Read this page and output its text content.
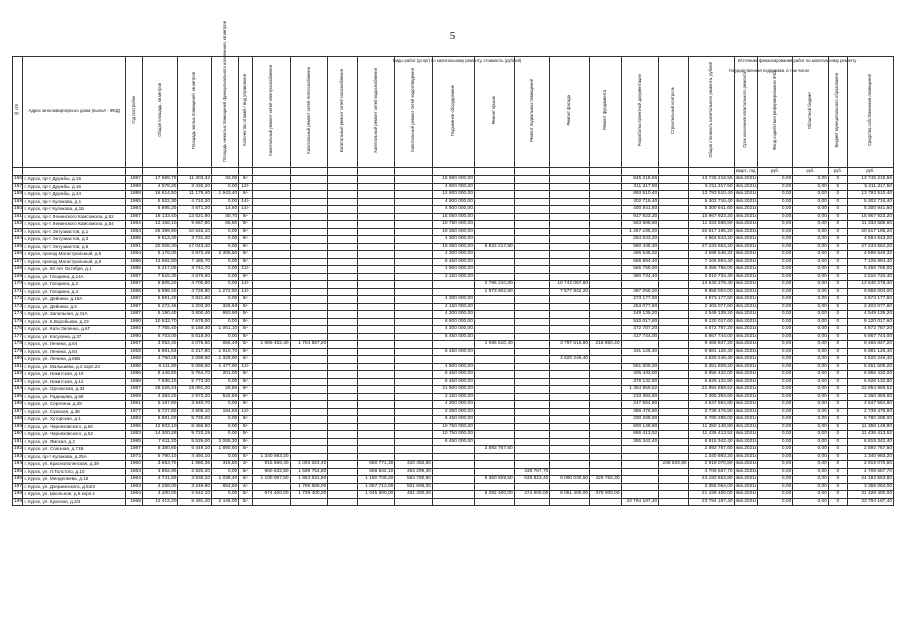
5
№ п/п	Адрес многоквартирного дома (выпол - ФКД)	Год постройки	Общая площадь, кв.метров	Площадь жилых помещений, кв.метров	Площадь нежилых помещений функционального назначения, кв.метров	Количество этажей / вид управления	Капитальный ремонт сетей электроснабжения	Капитальный ремонт сетей теплоснабжения	Капитальный ремонт сетей газоснабжения	Капитальный ремонт сетей водоснабжения	Капитальный ремонт сетей водоотведения	Подъемное оборудование	Ремонт крыши	Ремонт подвальных помещений	Ремонт фасада	Ремонт фундамента	Разработка проектной документации	Строительный контроль	Общая стоимость капитального ремонта, рублей	Срок окончания капитального ремонта	Фонд содействия реформированию ЖКХ	Областной бюджет	Бюджет муниципального образования	Средства собственников помещений
																				кварт., год	руб.	руб.	руб.	руб.
156	г. Курск, пр-т Дружбы, д.15	1987	17 668,78	11 403,32	33,00	9/-						15 960 000,00					845 218,56		13 745 218,56	4кв.2021г.	0,00	0,00	0	13 745 218,56
157	г. Курск, пр-т Дружбы, д.16	1989	4 578,20	3 432,20	0,00	12/-						4 900 000,00					311 317,50		5 211 317,50	4кв.2021г.	0,00	0,00	0	5 211 317,50
158	г. Курск, пр-т Дружбы, д.24	1988	16 614,50	11 179,40	1 943,40	9/-						12 900 000,00					893 510,40		13 793 510,40	4кв.2021г.	0,00	0,00	0	13 793 510,40
159	г. Курск, пр-т Кулакова, д.1	1985	5 922,30	4 710,20	0,00	14/-						4 900 000,00					402 716,40		5 302 716,40	4кв.2021г.	0,00	0,00	0	5 302 716,40
160	г. Курск, пр-т Кулакова, д.1Б	1984	5 895,20	4 671,20	14,60	14/-						4 900 000,00					400 941,60		5 300 941,60	4кв.2021г.	0,00	0,00	0	5 300 941,60
161	г. Курск, пр-т Ленинского Комсомола, д.52	1987	19 133,40	13 621,90	30,70	9/-						15 050 000,00					917 923,20		15 967 923,20	4кв.2021г.	0,00	0,00	0	15 967 923,20
162	г. Курск, пр-т Ленинского Комсомола, д.54	1984	12 158,10	9 667,80	65,80	9/-						10 750 000,00					583 588,80		11 333 588,80	4кв.2021г.	0,00	0,00	0	11 333 588,80
163	г. Курск, пр-т Энтузиастов, д.1	1984	26 399,90	10 546,10	0,00	9/-						19 350 000,00					1 267 195,20		20 617 195,20	4кв.2021г.	0,00	0,00	0	20 617 195,20
164	г. Курск, пр-т Энтузиастов, д.3	1985	5 513,40	3 731,40	0,00	9/-						4 300 000,00					264 643,20		4 564 643,20	4кв.2021г.	0,00	0,00	0	4 564 643,20
165	г. Курск, пр-т Энтузиастов, д.5	1991	20 008,30	17 043,40	0,00	9/-						19 350 000,00	6 922 217,80				960 446,40		27 233 664,20	4кв.2021г.	0,00	0,00	0	27 233 664,20
166	г. Курск, проезд Магистральный, д.5	1984	6 176,00	3 872,49	2 305,50	9/-						4 300 000,00					296 546,32		4 596 546,32	4кв.2021г.	0,00	0,00	0	4 596 546,32
167	г. Курск, проезд Магистральный, д.8	1986	13 692,80	7 485,70	0,00	9/-						6 450 000,00					655 894,40		7 105 894,40	4кв.2021г.	0,00	0,00	0	7 105 894,40
168	г. Курск, ул. 50 лет Октября, д.1	1986	9 217,00	3 741,70	0,00	12/-						4 900 000,00					556 756,00		5 456 756,00	4кв.2021г.	0,00	0,00	0	5 456 756,00
169	г. Курск, ул. Гагарина, д.14А	1987	7 515,30	4 675,60	0,00	9/-						2 150 000,00					360 734,40		2 510 734,40	4кв.2021г.	0,00	0,00	0	2 510 734,40
170	г. Курск, ул. Гагарина, д.2	1987	8 505,20	4 700,80	0,00	14/-							2 796 210,80		10 742 067,60				13 540 278,40	4кв.2021г.	0,00	0,00	0	13 540 278,40
171	г. Курск, ул. Гагарина, д.4	1986	5 999,40	4 726,90	1 272,50	14/-							1 973 902,60		7 577 842,20		487 059,20		9 858 004,00	4кв.2021г.	0,00	0,00	0	9 858 004,00
172	г. Курск, ул. Дейнеки, д.18А	1987	5 691,20	3 821,60	0,00	9/-						4 300 000,00					273 177,60		4 573 177,60	4кв.2021г.	0,00	0,00	0	4 573 177,60
173	г. Курск, ул. Дейнеки, д.6	1987	5 272,45	2 203,30	326,60	9/-						2 150 000,00					253 077,60		2 403 077,60	4кв.2021г.	0,00	0,00	0	2 403 077,60
174	г. Курск, ул. Запольная, д.41А	1987	5 190,40	3 800,40	993,90	9/-						4 300 000,00					249 139,20		4 549 139,20	4кв.2021г.	0,00	0,00	0	4 549 139,20
175	г. Курск, ул. К.Воробьева, д.23	1990	10 533,70	7 678,00	0,00	9/-						8 600 000,00					520 017,60		9 120 017,60	4кв.2021г.	0,00	0,00	0	9 120 017,60
176	г. Курск, ул. Кати Зеленко, д.6Г	1984	7 765,40	5 168,30	1 061,10	9/-						4 300 000,00					372 787,20		4 672 787,20	4кв.2021г.	0,00	0,00	0	4 672 787,20
177	г. Курск, ул. Косухина, д.37	1990	8 703,00	5 618,00	0,00	9/-						6 450 000,00					417 744,00		6 867 744,00	4кв.2021г.	0,00	0,00	0	6 867 744,00
178	г. Курск, ул. Ленина, д.64	1967	3 052,40	2 075,50	656,40	5/-	1 689 452,40	1 704 567,20					1 066 510,40		3 797 516,80	218 850,40			8 465 847,20	4кв.2021г.	0,00	0,00	0	8 465 847,20
179	г. Курск, ул. Ленина, д.84	1958	8 981,63	6 217,80	1 910,70	9/-						6 450 000,00					431 126,40		6 881 126,40	4кв.2021г.	0,00	0,00	0	6 881 126,40
180	г. Курск, ул. Ленина, д.86Б	1968	3 750,25	2 098,50	1 329,90	5/-									4 620 246,40				4 620 246,40	4кв.2021г.	0,00	0,00	0	4 620 246,40
181	г. Курск, ул. Малышева, д.2 корп.23	1986	6 111,90	5 066,50	1 477,90	12/-						4 900 000,00					551 609,20		5 451 609,20	4кв.2021г.	0,00	0,00	0	5 451 609,20
182	г. Курск, ул. Никитская, д.10	1986	8 446,50	5 764,70	201,00	9/-						6 450 000,00					405 432,00		6 855 432,00	4кв.2021г.	0,00	0,00	0	6 855 432,00
183	г. Курск, ул. Никитская, д.12	1988	7 836,10	5 773,30	0,00	9/-						6 450 000,00					376 132,80		6 826 132,80	4кв.2021г.	0,00	0,00	0	6 826 132,80
184	г. Курск, ул. Орловская, д.34	1987	28 226,24	19 091,40	29,80	9/-						21 500 000,00					1 354 859,52		22 854 859,52	4кв.2021г.	0,00	0,00	0	22 854 859,52
185	г. Курск, ул. Радищева, д.68	1969	4 383,20	2 972,20	542,60	9/-						2 150 000,00					210 393,60		2 360 393,60	4кв.2021г.	0,00	0,00	0	2 360 393,60
186	г. Курск, ул. Серегина, д.28	1981	5 157,60	3 940,70	0,00	9/-						4 300 000,00					247 564,80		4 547 564,80	4кв.2021г.	0,00	0,00	0	4 547 564,80
187	г. Курск, ул. Сумская, д.38	1977	5 727,60	3 909,10	184,60	12/-						2 350 000,00					389 476,80		2 739 476,80	4кв.2021г.	0,00	0,00	0	2 739 476,80
188	г. Курск, ул. Хуторская, д.1	1983	6 881,00	5 725,00	0,00	9/-						6 450 000,00					330 288,00		6 780 288,00	4кв.2021г.	0,00	0,00	0	6 780 288,00
189	г. Курск, ул. Черняховского, д.50	1985	12 503,10	8 455,50	0,00	9/-						10 750 000,00					600 148,80		11 350 148,80	4кв.2021г.	0,00	0,00	0	11 350 148,80
190	г. Курск, ул. Черняховского, д.52	1983	14 300,28	9 723,19	0,00	9/-						10 750 000,00					686 413,52		11 436 413,52	4кв.2021г.	0,00	0,00	0	11 436 413,52
191	г. Курск, ул. Ямская, д.2	1985	7 611,20	5 526,00	2 085,30	9/-						6 450 000,00					365 342,40		6 815 342,40	4кв.2021г.	0,00	0,00	0	6 815 342,40
192	г. Курск, ул. Союзная, д.71Б	1987	8 360,60	6 449,10	1 890,50	9/-							2 892 767,60						2 892 767,60	4кв.2021г.	0,00	0,00	0	2 892 767,60
193	г. Курск, пр-т Кулакова, д.25А	1972	5 790,10	4 494,10	0,00	5/-	1 340 983,20												1 340 983,20	4кв.2021г.	0,00	0,00	0	1 340 983,20
194	г. Курск, ул. Краснополянская, д.39	1960	3 653,70	1 960,36	316,80	4/-	915 698,40	1 093 324,40		660 771,30	310 482,90							238 833,90	2 919 070,80	4кв.2021г.	0,00	0,00	0	2 919 070,80
195	г. Курск, ул. Л.Толстого, д.10	1963	3 882,90	2 520,20	0,00	5/-	960 532,50	1 589 754,80		566 842,10	454 299,30			438 767,70					4 709 667,70	4кв.2021г.	0,00	0,00	0	4 709 667,70
196	г. Курск, ул. Менделеева, д.16	1964	4 741,60	3 535,10	1 038,40	5/-	1 100 097,60	1 953 631,60		1 180 708,20	564 780,80		9 350 929,50	535 823,40	9 090 030,50	426 782,30			24 192 663,80	4кв.2021г.	0,00	0,00	0	24 192 663,80
197	г. Курск, ул. Дзержинского, д.64/2	1963	4 268,00	3 249,90	854,50	4/-		1 786 656,00		1 067 712,00	501 696,00								3 356 064,00	4кв.2021г.	0,00	0,00	0	3 356 064,00
198	г. Курск, ул. Школьная, д.5 корп.1	1964	4 200,00	2 542,10	0,00	5/-	974 400,00	1 739 400,00		1 045 800,00	491 400,00		6 282 400,00	474 600,00	6 051 400,00	378 000,00			21 428 400,00	4кв.2021г.	0,00	0,00	0	21 428 400,00
199	г. Курск, ул. Красная, д.2/4	1968	12 412,20	8 491,40	2 448,00	5/-											23 794 187,40		23 794 187,40	4кв.2021г.	0,00	0,00	0	23 794 187,40
Виды работ (услуг) по капитальному ремонту, стоимость (рублей)	Источники финансирования работ по капитальному ремонту
Государственная поддержка, в том числе
